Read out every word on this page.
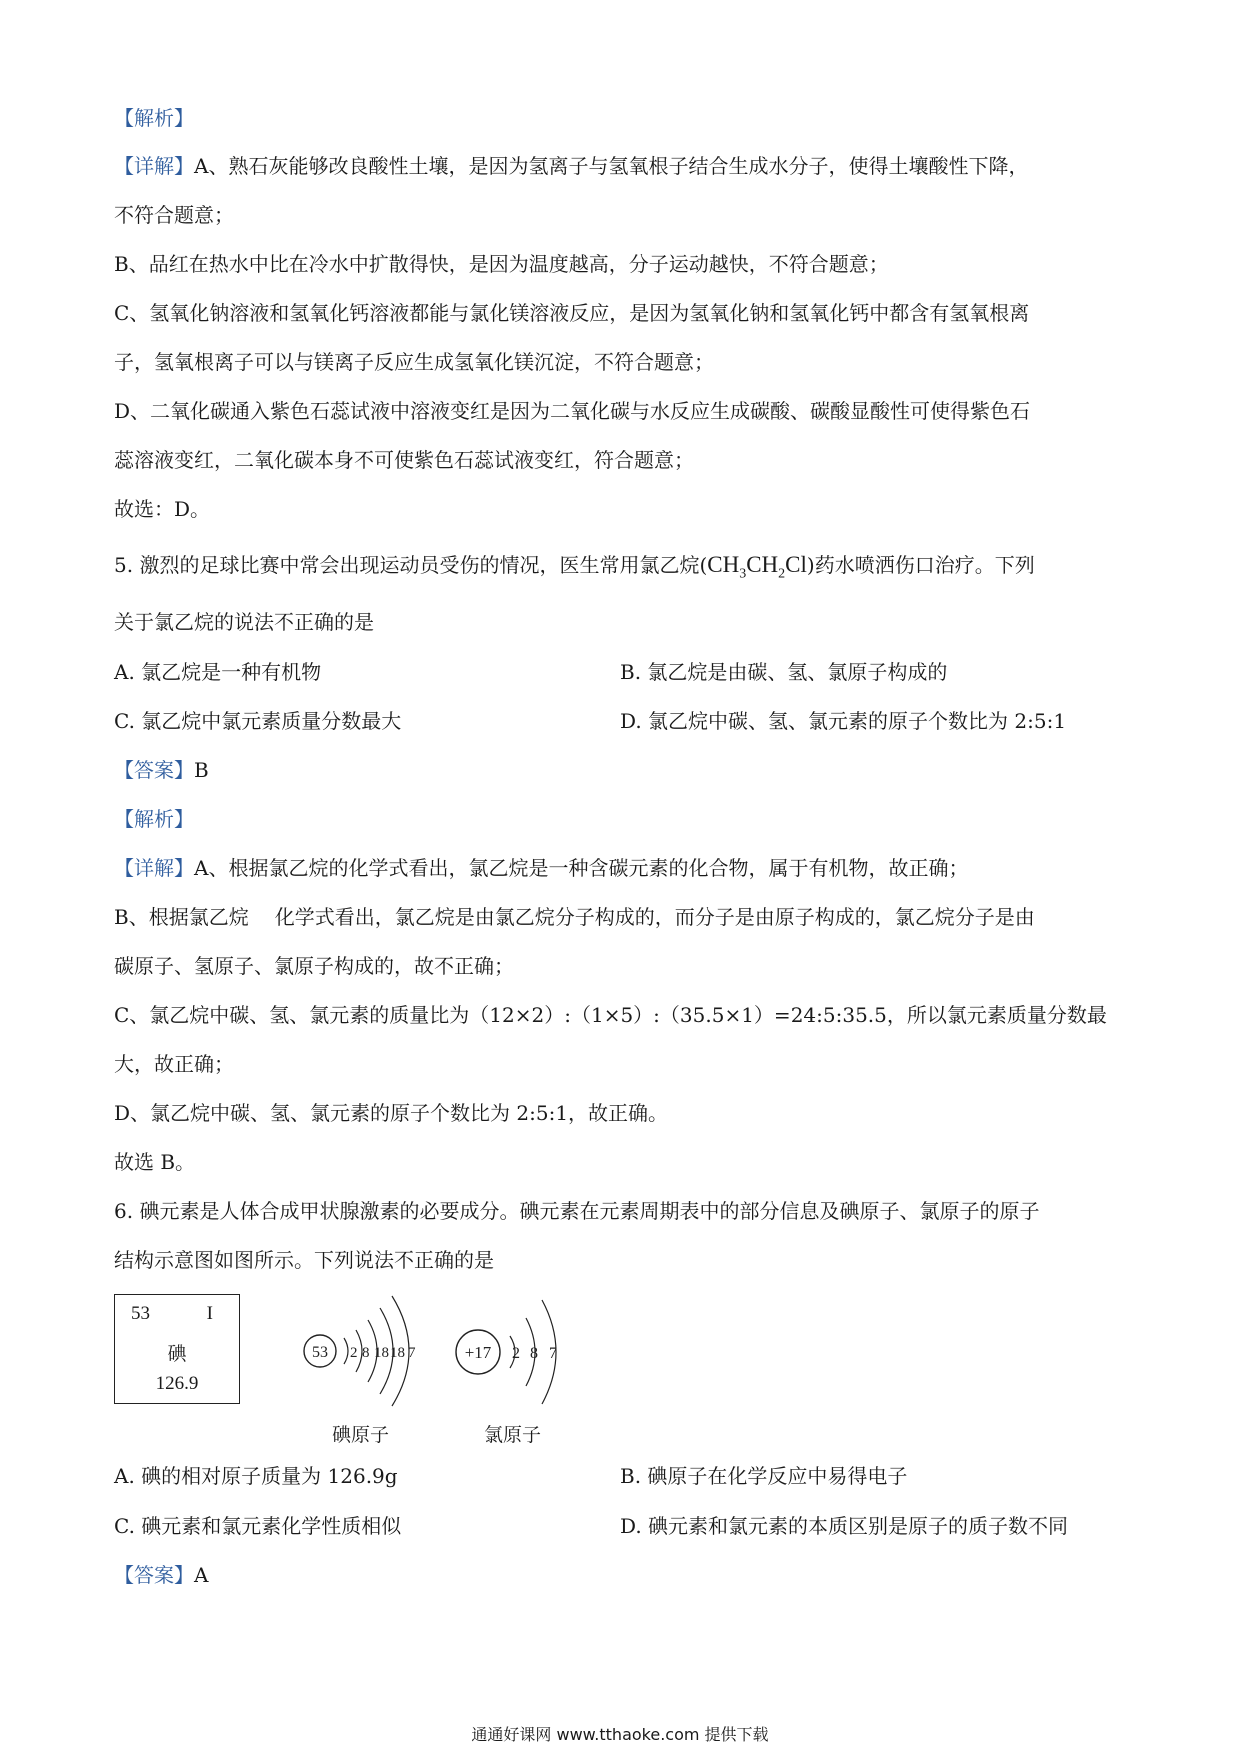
【解析】
【详解】A、熟石灰能够改良酸性土壤，是因为氢离子与氢氧根子结合生成水分子，使得土壤酸性下降，
不符合题意；
B、品红在热水中比在冷水中扩散得快，是因为温度越高，分子运动越快，不符合题意；
C、氢氧化钠溶液和氢氧化钙溶液都能与氯化镁溶液反应，是因为氢氧化钠和氢氧化钙中都含有氢氧根离
子，氢氧根离子可以与镁离子反应生成氢氧化镁沉淀，不符合题意；
D、二氧化碳通入紫色石蕊试液中溶液变红是因为二氧化碳与水反应生成碳酸、碳酸显酸性可使得紫色石
蕊溶液变红，二氧化碳本身不可使紫色石蕊试液变红，符合题意；
故选：D。
5. 激烈的足球比赛中常会出现运动员受伤的情况，医生常用氯乙烷$(CH_3CH_2Cl)$药水喷洒伤口治疗。下列
关于氯乙烷的说法不正确的是
A. 氯乙烷是一种有机物	B. 氯乙烷是由碳、氢、氯原子构成的
C. 氯乙烷中氯元素质量分数最大	D. 氯乙烷中碳、氢、氯元素的原子个数比为 2:5:1
【答案】B
【解析】
【详解】A、根据氯乙烷的化学式看出，氯乙烷是一种含碳元素的化合物，属于有机物，故正确；
B、根据氯乙烷 化学式看出，氯乙烷是由氯乙烷分子构成的，而分子是由原子构成的，氯乙烷分子是由
碳原子、氢原子、氯原子构成的，故不正确；
C、氯乙烷中碳、氢、氯元素的质量比为（12×2）:（1×5）:（35.5×1）=24:5:35.5，所以氯元素质量分数最
大，故正确；
D、氯乙烷中碳、氢、氯元素的原子个数比为 2:5:1，故正确。
故选 B。
6. 碘元素是人体合成甲状腺激素的必要成分。碘元素在元素周期表中的部分信息及碘原子、氯原子的原子
结构示意图如图所示。下列说法不正确的是
53	I
碘
126.9
53 2 8 18 18 7
碘原子
+17 2 8 7
氯原子
A. 碘的相对原子质量为 126.9g	B. 碘原子在化学反应中易得电子
C. 碘元素和氯元素化学性质相似	D. 碘元素和氯元素的本质区别是原子的质子数不同
【答案】A
通通好课网 www.tthaoke.com 提供下载
